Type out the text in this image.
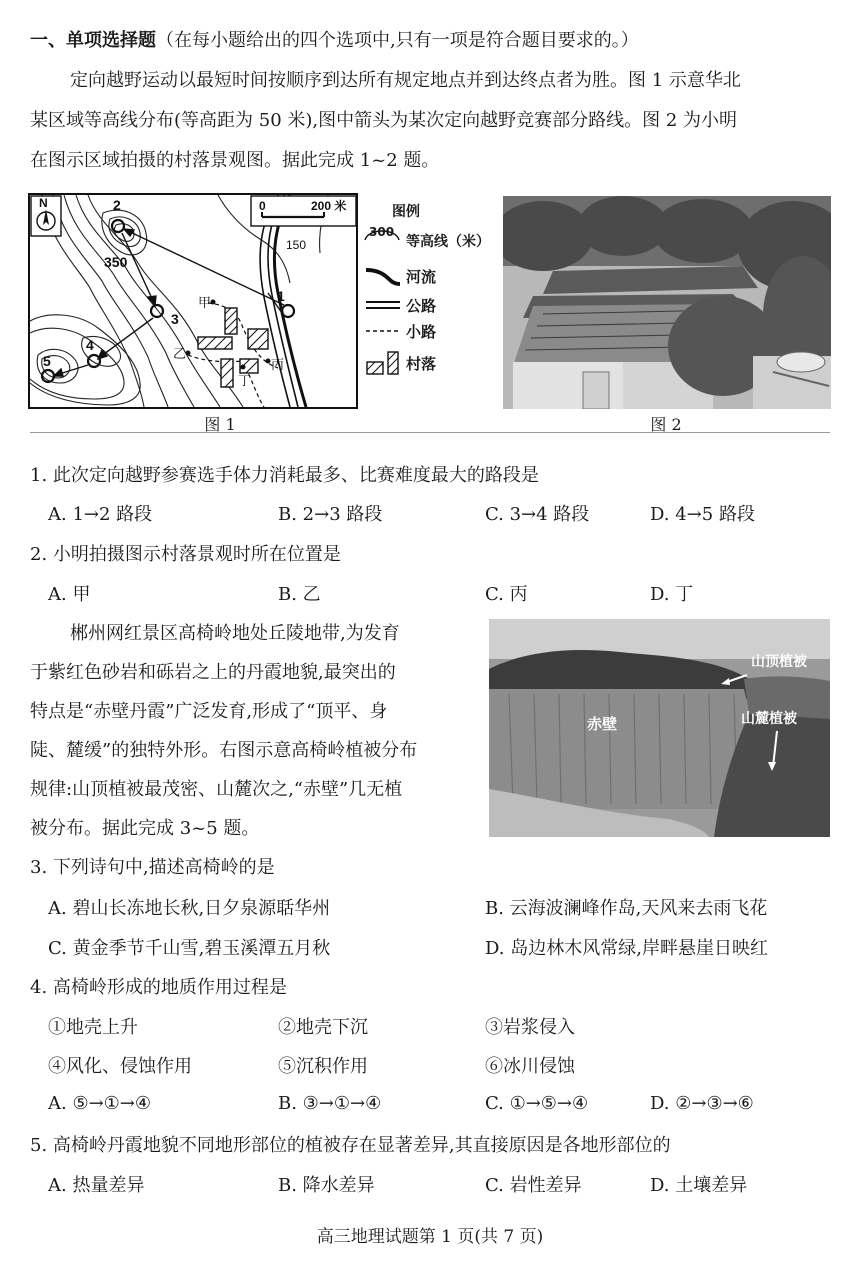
一、单项选择题（在每小题给出的四个选项中,只有一项是符合题目要求的。）
定向越野运动以最短时间按顺序到达所有规定地点并到达终点者为胜。图 1 示意华北
某区域等高线分布(等高距为 50 米),图中箭头为某次定向越野竞赛部分路线。图 2 为小明
在图示区域拍摄的村落景观图。据此完成 1~2 题。
N	0	200 米
150
350
1
2
3
4
5
甲
乙
丙
丁
图例
300
等高线（米）
河流
公路
小路
村落
图 1	图 2
1. 此次定向越野参赛选手体力消耗最多、比赛难度最大的路段是
A. 1→2 路段	B. 2→3 路段	C. 3→4 路段	D. 4→5 路段
2. 小明拍摄图示村落景观时所在位置是
A. 甲	B. 乙	C. 丙	D. 丁
郴州网红景区高椅岭地处丘陵地带,为发育
于紫红色砂岩和砾岩之上的丹霞地貌,最突出的
特点是“赤壁丹霞”广泛发育,形成了“顶平、身
陡、麓缓”的独特外形。右图示意高椅岭植被分布
规律:山顶植被最茂密、山麓次之,“赤壁”几无植
被分布。据此完成 3~5 题。
山顶植被
赤壁	山麓植被
3. 下列诗句中,描述高椅岭的是
A. 碧山长冻地长秋,日夕泉源聒华州	B. 云海波澜峰作岛,天风来去雨飞花
C. 黄金季节千山雪,碧玉溪潭五月秋	D. 岛边林木风常绿,岸畔悬崖日映红
4. 高椅岭形成的地质作用过程是
①地壳上升	②地壳下沉	③岩浆侵入
④风化、侵蚀作用	⑤沉积作用	⑥冰川侵蚀
A. ⑤→①→④	B. ③→①→④	C. ①→⑤→④	D. ②→③→⑥
5. 高椅岭丹霞地貌不同地形部位的植被存在显著差异,其直接原因是各地形部位的
A. 热量差异	B. 降水差异	C. 岩性差异	D. 土壤差异
高三地理试题第 1 页(共 7 页)
